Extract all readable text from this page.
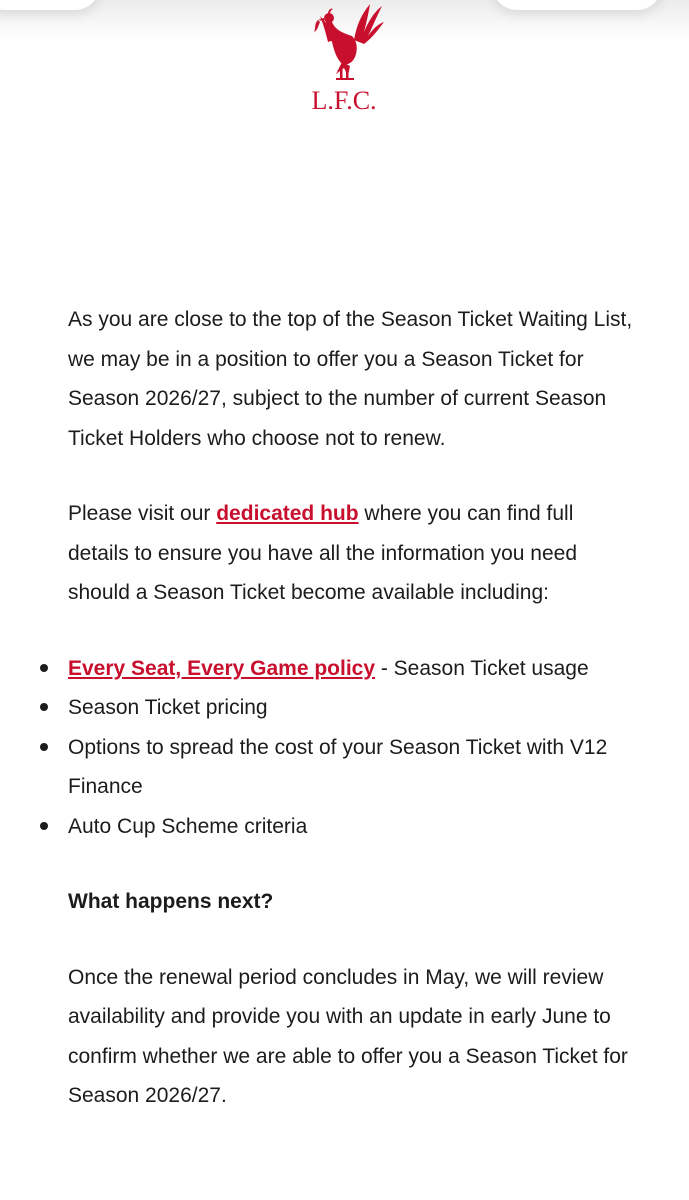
L.F.C.

As you are close to the top of the Season Ticket Waiting List, we may be in a position to offer you a Season Ticket for Season 2026/27, subject to the number of current Season Ticket Holders who choose not to renew.

Please visit our dedicated hub where you can find full details to ensure you have all the information you need should a Season Ticket become available including:

Every Seat, Every Game policy - Season Ticket usage
Season Ticket pricing
Options to spread the cost of your Season Ticket with V12 Finance
Auto Cup Scheme criteria

What happens next?

Once the renewal period concludes in May, we will review availability and provide you with an update in early June to confirm whether we are able to offer you a Season Ticket for Season 2026/27.
